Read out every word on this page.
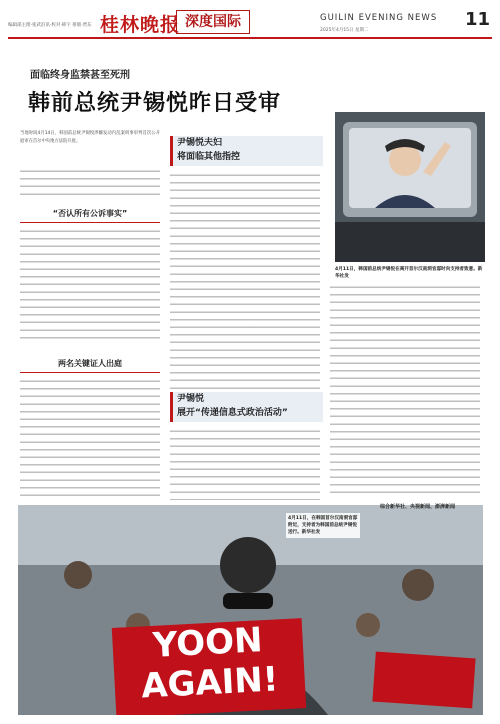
编辑部主理·张武泊讯·校对·韩宇 排版·贾东 桂林晚报 深度国际	GUILIN EVENING NEWS 11
2025年4月15日 星期二
面临终身监禁甚至死刑
韩前总统尹锡悦昨日受审
当地时间4月14日，韩国前总统尹锡悦涉嫌发动内乱案刑事审判首次公开庭审在首尔中央地方法院开庭。
“否认所有公诉事实”
两名关键证人出庭
尹锡悦夫妇
将面临其他指控
尹锡悦
展开“传递信息式政治活动”
4月11日，韩国前总统尹锡悦在离开首尔汉南洞官邸时向支持者致意。新华社发
YOON
AGAIN!
4月11日，在韩国首尔汉南洞官邸附近，支持者为韩国前总统尹锡悦送行。新华社发
综合新华社、央视新闻、澎湃新闻
